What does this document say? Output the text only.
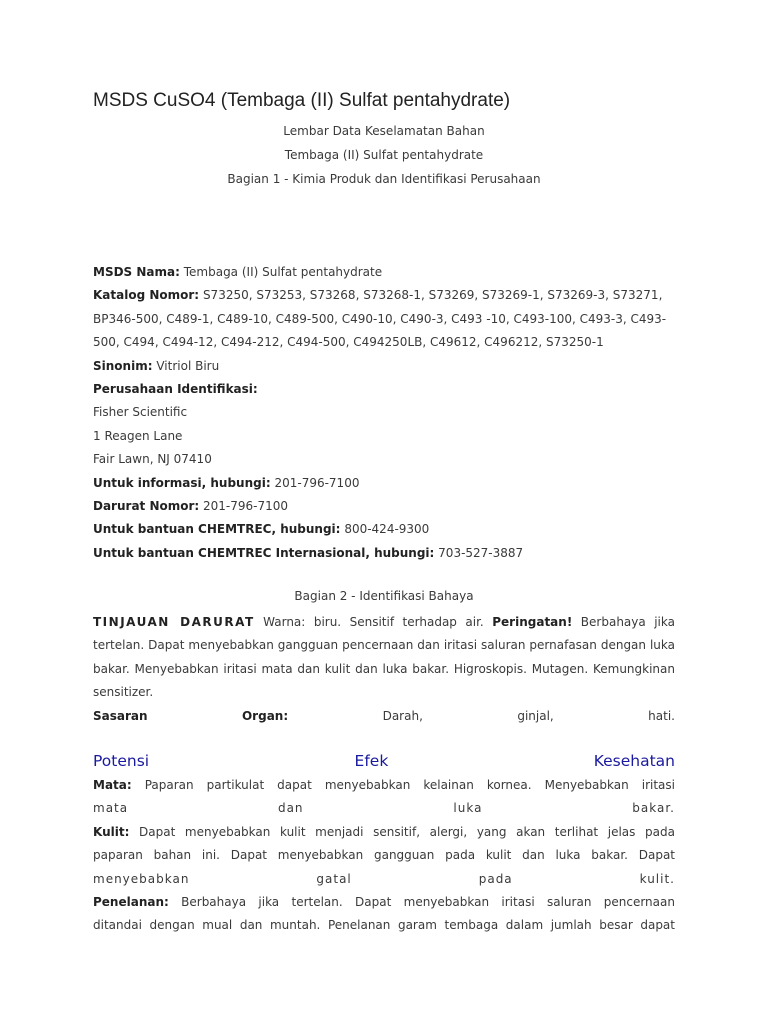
MSDS CuSO4 (Tembaga (II) Sulfat pentahydrate)
Lembar Data Keselamatan Bahan
Tembaga (II) Sulfat pentahydrate
Bagian 1 - Kimia Produk dan Identifikasi Perusahaan
MSDS Nama: Tembaga (II) Sulfat pentahydrate
Katalog Nomor: S73250, S73253, S73268, S73268-1, S73269, S73269-1, S73269-3, S73271,
BP346-500, C489-1, C489-10, C489-500, C490-10, C490-3, C493 -10, C493-100, C493-3, C493-
500, C494, C494-12, C494-212, C494-500, C494250LB, C49612, C496212, S73250-1
Sinonim: Vitriol Biru
Perusahaan Identifikasi:
Fisher Scientific
1 Reagen Lane
Fair Lawn, NJ 07410
Untuk informasi, hubungi: 201-796-7100
Darurat Nomor: 201-796-7100
Untuk bantuan CHEMTREC, hubungi: 800-424-9300
Untuk bantuan CHEMTREC Internasional, hubungi: 703-527-3887
Bagian 2 - Identifikasi Bahaya
TINJAUAN DARURAT Warna: biru. Sensitif terhadap air. Peringatan! Berbahaya jika
tertelan. Dapat menyebabkan gangguan pencernaan dan iritasi saluran pernafasan dengan luka
bakar. Menyebabkan iritasi mata dan kulit dan luka bakar. Higroskopis. Mutagen. Kemungkinan
sensitizer.
Sasaran	Organ:	Darah,	ginjal,	hati.
Potensi	Efek	Kesehatan
Mata: Paparan partikulat dapat menyebabkan kelainan kornea. Menyebabkan iritasi
mata dan luka bakar.
Kulit: Dapat menyebabkan kulit menjadi sensitif, alergi, yang akan terlihat jelas pada
paparan bahan ini. Dapat menyebabkan gangguan pada kulit dan luka bakar. Dapat
menyebabkan gatal pada kulit.
Penelanan: Berbahaya jika tertelan. Dapat menyebabkan iritasi saluran pencernaan
ditandai dengan mual dan muntah. Penelanan garam tembaga dalam jumlah besar dapat
